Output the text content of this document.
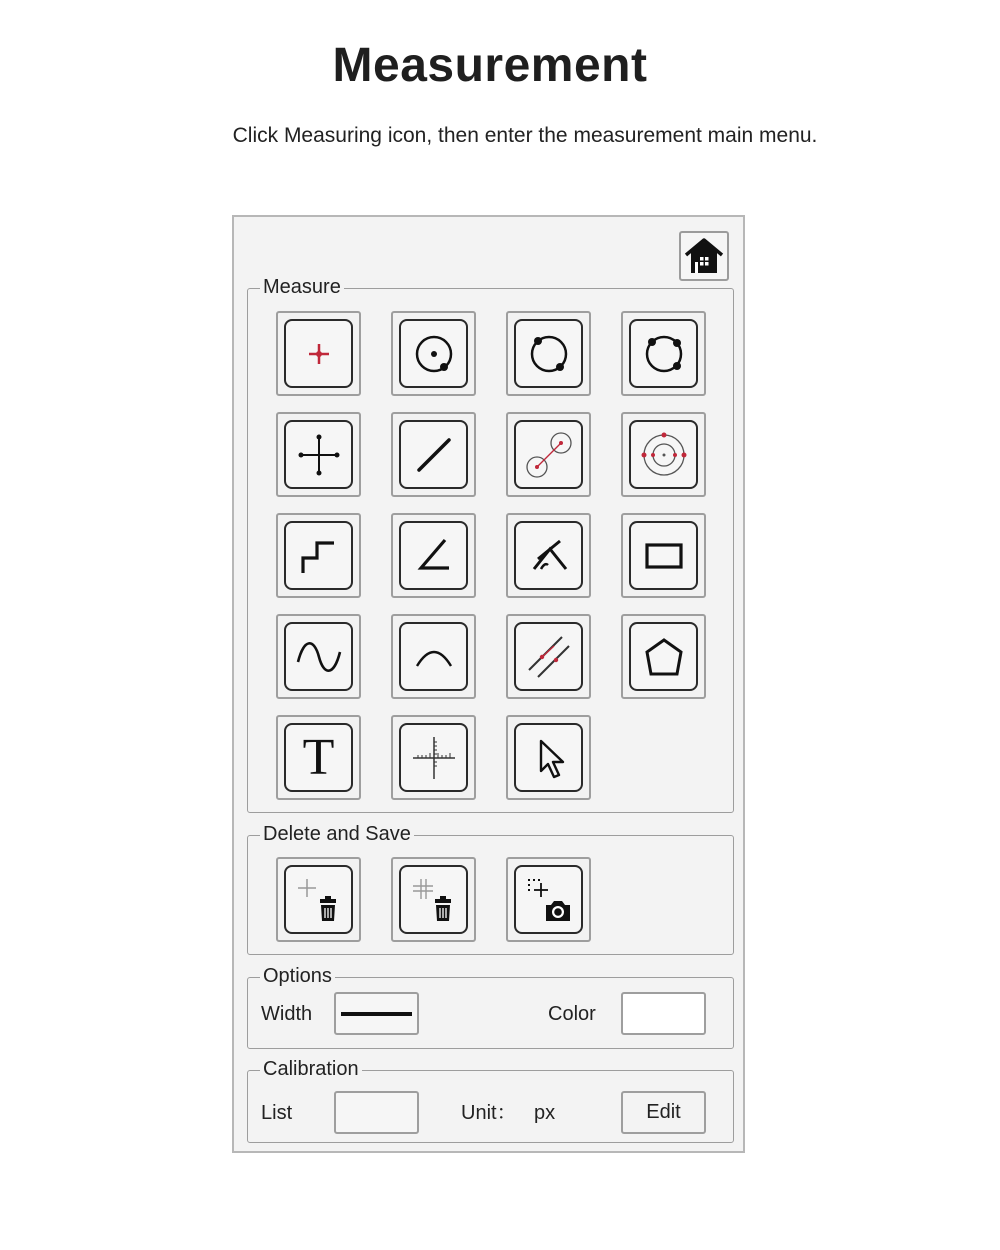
Measurement
Click Measuring icon, then enter the measurement main menu.
Measure
T
Delete and Save
Options
Width	Color
Calibration
List	Unit： px	Edit
